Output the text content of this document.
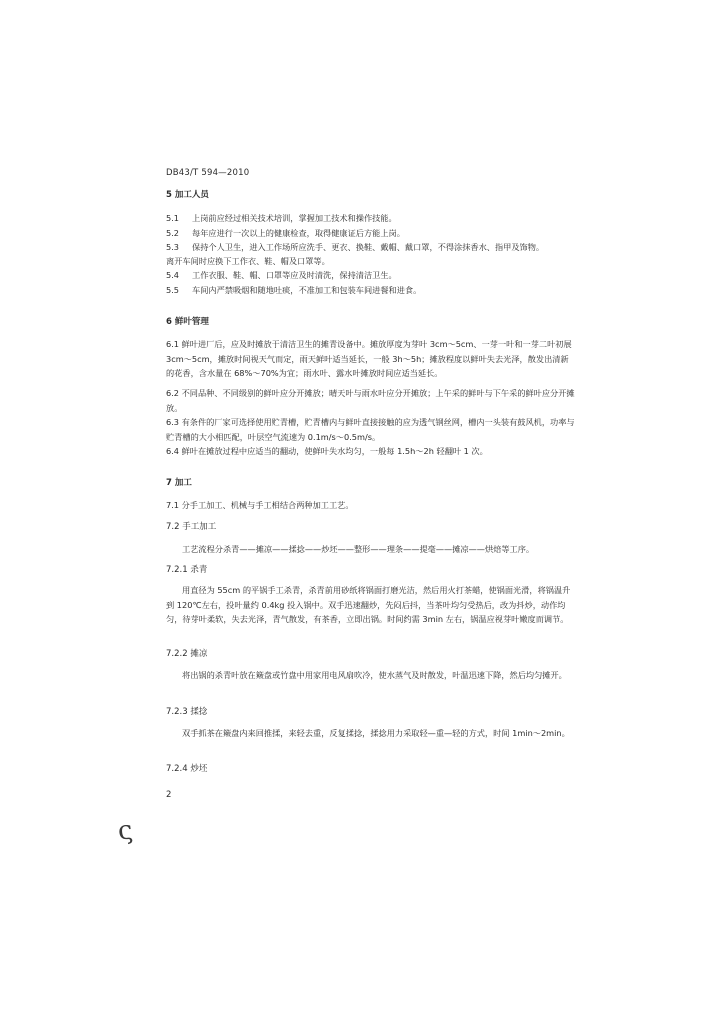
DB43/T 594—2010
5 加工人员
5.1 上岗前应经过相关技术培训，掌握加工技术和操作技能。
5.2 每年应进行一次以上的健康检查，取得健康证后方能上岗。
5.3 保持个人卫生，进入工作场所应洗手、更衣、换鞋、戴帽、戴口罩，不得涂抹香水、指甲及饰物。
离开车间时应换下工作衣、鞋、帽及口罩等。
5.4 工作衣服、鞋、帽、口罩等应及时清洗，保持清洁卫生。
5.5 车间内严禁吸烟和随地吐痰，不准加工和包装车间进餐和进食。
6 鲜叶管理
6.1 鲜叶进厂后，应及时摊放于清洁卫生的摊青设备中。摊放厚度为芽叶 3cm～5cm、一芽一叶和一芽二叶初展 3cm～5cm，摊放时间视天气而定，雨天鲜叶适当延长，一般 3h～5h；摊放程度以鲜叶失去光泽，散发出清新的花香，含水量在 68%～70%为宜；雨水叶、露水叶摊放时间应适当延长。
6.2 不同品种、不同级别的鲜叶应分开摊放；晴天叶与雨水叶应分开摊放；上午采的鲜叶与下午采的鲜叶应分开摊放。
6.3 有条件的厂家可选择使用贮青槽，贮青槽内与鲜叶直接接触的应为透气钢丝网，槽内一头装有鼓风机，功率与贮青槽的大小相匹配，叶层空气流速为 0.1m/s～0.5m/s。
6.4 鲜叶在摊放过程中应适当的翻动，使鲜叶失水均匀，一般每 1.5h～2h 轻翻叶 1 次。
7 加工
7.1 分手工加工、机械与手工相结合两种加工工艺。
7.2 手工加工
工艺流程分杀青——摊凉——揉捻——炒坯——整形——理条——提毫——摊凉——烘焙等工序。
7.2.1 杀青
用直径为 55cm 的平锅手工杀青，杀青前用砂纸将锅面打磨光洁，然后用火打茶蜡，使锅面光滑，将锅温升到 120℃左右，投叶量约 0.4kg 投入锅中。双手迅速翻炒，先闷后抖，当茶叶均匀受热后，改为抖炒，动作均匀，待芽叶柔软，失去光泽，青气散发，有茶香，立即出锅。时间约需 3min 左右，锅温应视芽叶嫩度而调节。
7.2.2 摊凉
将出锅的杀青叶放在簸盘或竹盘中用家用电风扇吹冷，使水蒸气及时散发，叶温迅速下降，然后均匀摊开。
7.2.3 揉捻
双手抓茶在簸盘内来回推揉，来轻去重，反复揉捻，揉捻用力采取轻—重—轻的方式，时间 1min～2min。
7.2.4 炒坯
2
ς
